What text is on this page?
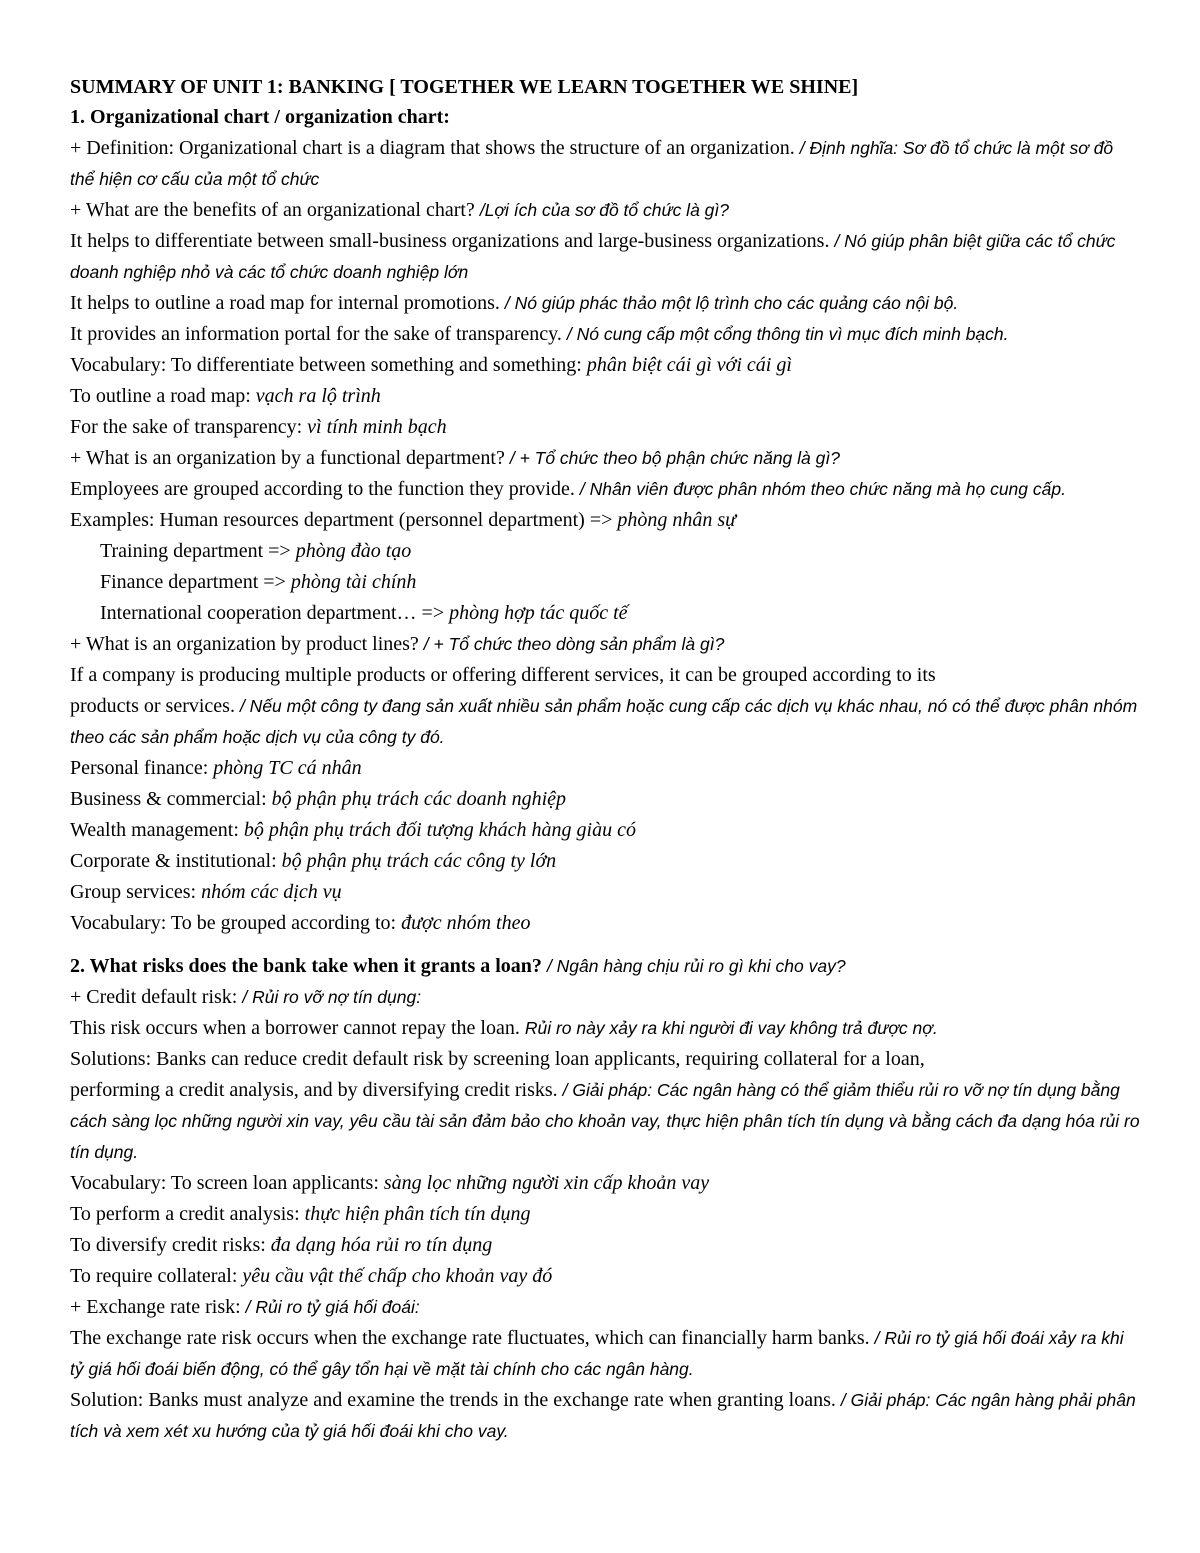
SUMMARY OF UNIT 1: BANKING [ TOGETHER WE LEARN TOGETHER WE SHINE]
1. Organizational chart / organization chart:
+ Definition: Organizational chart is a diagram that shows the structure of an organization. / Định nghĩa: Sơ đồ tổ chức là một sơ đồ thể hiện cơ cấu của một tổ chức
+ What are the benefits of an organizational chart? /Lợi ích của sơ đồ tổ chức là gì?
It helps to differentiate between small-business organizations and large-business organizations. / Nó giúp phân biệt giữa các tổ chức doanh nghiệp nhỏ và các tổ chức doanh nghiệp lớn
It helps to outline a road map for internal promotions. / Nó giúp phác thảo một lộ trình cho các quảng cáo nội bộ.
It provides an information portal for the sake of transparency. / Nó cung cấp một cổng thông tin vì mục đích minh bạch.
Vocabulary: To differentiate between something and something: phân biệt cái gì với cái gì
To outline a road map: vạch ra lộ trình
For the sake of transparency: vì tính minh bạch
+ What is an organization by a functional department? / + Tổ chức theo bộ phận chức năng là gì?
Employees are grouped according to the function they provide. / Nhân viên được phân nhóm theo chức năng mà họ cung cấp.
Examples: Human resources department (personnel department) => phòng nhân sự
Training department => phòng đào tạo
Finance department => phòng tài chính
International cooperation department… => phòng hợp tác quốc tế
+ What is an organization by product lines? / + Tổ chức theo dòng sản phẩm là gì?
If a company is producing multiple products or offering different services, it can be grouped according to its
products or services. / Nếu một công ty đang sản xuất nhiều sản phẩm hoặc cung cấp các dịch vụ khác nhau, nó có thể được phân nhóm theo các sản phẩm hoặc dịch vụ của công ty đó.
Personal finance: phòng TC cá nhân
Business & commercial: bộ phận phụ trách các doanh nghiệp
Wealth management: bộ phận phụ trách đối tượng khách hàng giàu có
Corporate & institutional: bộ phận phụ trách các công ty lớn
Group services: nhóm các dịch vụ
Vocabulary: To be grouped according to: được nhóm theo
2. What risks does the bank take when it grants a loan? / Ngân hàng chịu rủi ro gì khi cho vay?
+ Credit default risk: / Rủi ro vỡ nợ tín dụng:
This risk occurs when a borrower cannot repay the loan. Rủi ro này xảy ra khi người đi vay không trả được nợ.
Solutions: Banks can reduce credit default risk by screening loan applicants, requiring collateral for a loan,
performing a credit analysis, and by diversifying credit risks. / Giải pháp: Các ngân hàng có thể giảm thiểu rủi ro vỡ nợ tín dụng bằng cách sàng lọc những người xin vay, yêu cầu tài sản đảm bảo cho khoản vay, thực hiện phân tích tín dụng và bằng cách đa dạng hóa rủi ro tín dụng.
Vocabulary: To screen loan applicants: sàng lọc những người xin cấp khoản vay
To perform a credit analysis: thực hiện phân tích tín dụng
To diversify credit risks: đa dạng hóa rủi ro tín dụng
To require collateral: yêu cầu vật thế chấp cho khoản vay đó
+ Exchange rate risk: / Rủi ro tỷ giá hối đoái:
The exchange rate risk occurs when the exchange rate fluctuates, which can financially harm banks. / Rủi ro tỷ giá hối đoái xảy ra khi tỷ giá hối đoái biến động, có thể gây tổn hại về mặt tài chính cho các ngân hàng.
Solution: Banks must analyze and examine the trends in the exchange rate when granting loans. / Giải pháp: Các ngân hàng phải phân tích và xem xét xu hướng của tỷ giá hối đoái khi cho vay.
